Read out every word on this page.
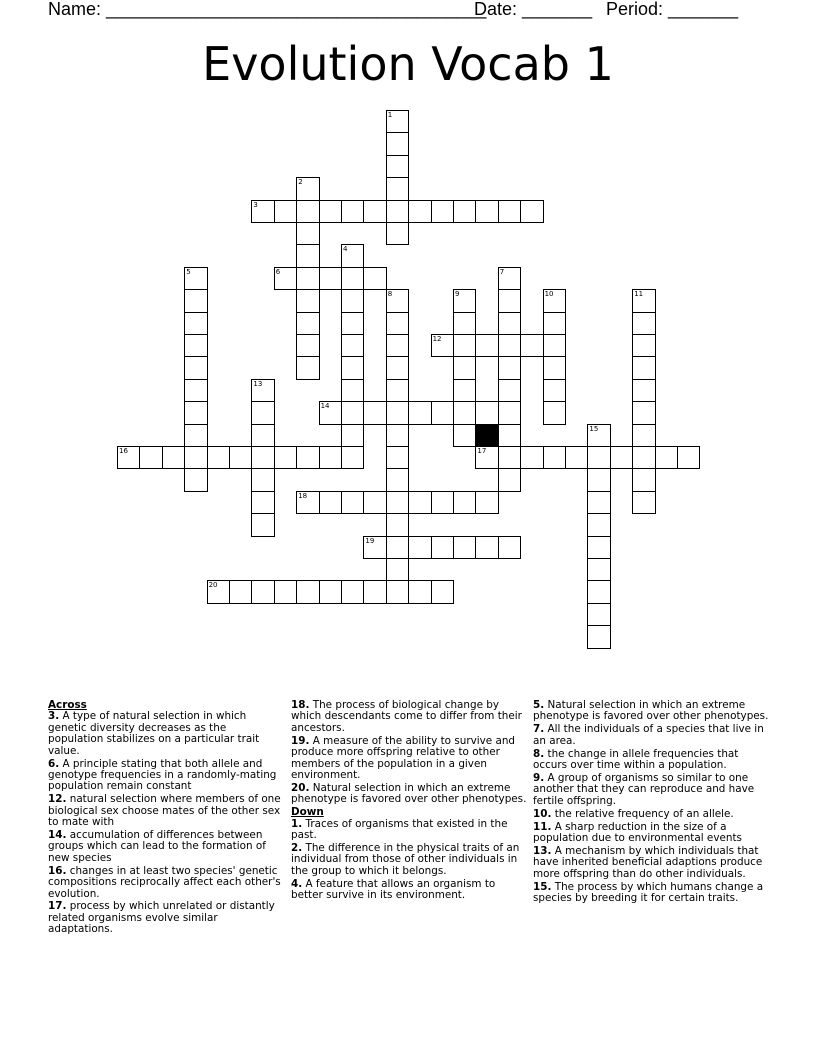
Name: ______________________________________
Date: _______ Period: _______
Evolution Vocab 1
1
2
3
4
5	6	7
8	9	10	11
12
13
14
15
16	17
18
19
20
Across
3. A type of natural selection in which genetic diversity decreases as the population stabilizes on a particular trait value.
6. A principle stating that both allele and genotype frequencies in a randomly-mating population remain constant
12. natural selection where members of one biological sex choose mates of the other sex to mate with
14. accumulation of differences between groups which can lead to the formation of new species
16. changes in at least two species' genetic compositions reciprocally affect each other's evolution.
17. process by which unrelated or distantly related organisms evolve similar adaptations.
18. The process of biological change by which descendants come to differ from their ancestors.
19. A measure of the ability to survive and produce more offspring relative to other members of the population in a given environment.
20. Natural selection in which an extreme phenotype is favored over other phenotypes.
Down
1. Traces of organisms that existed in the past.
2. The difference in the physical traits of an individual from those of other individuals in the group to which it belongs.
4. A feature that allows an organism to better survive in its environment.
5. Natural selection in which an extreme phenotype is favored over other phenotypes.
7. All the individuals of a species that live in an area.
8. the change in allele frequencies that occurs over time within a population.
9. A group of organisms so similar to one another that they can reproduce and have fertile offspring.
10. the relative frequency of an allele.
11. A sharp reduction in the size of a population due to environmental events
13. A mechanism by which individuals that have inherited beneficial adaptions produce more offspring than do other individuals.
15. The process by which humans change a species by breeding it for certain traits.
